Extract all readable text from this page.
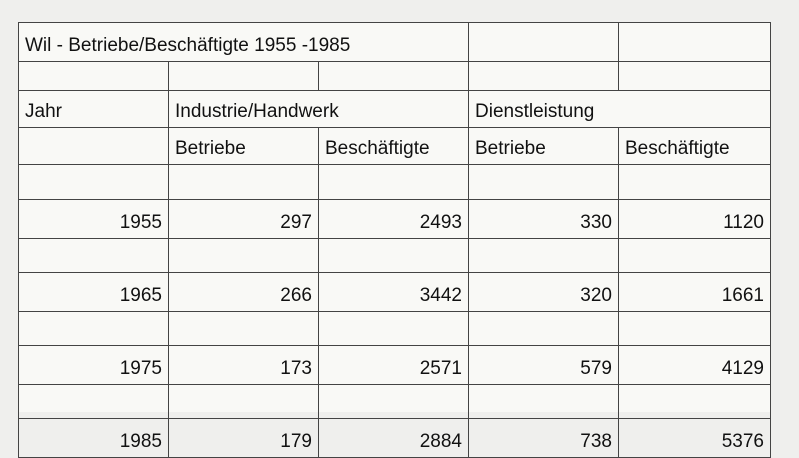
Wil - Betriebe/Beschäftigte 1955 -1985				

Jahr	Industrie/Handwerk		Dienstleistung	
	Betriebe	Beschäftigte	Betriebe	Beschäftigte

1955	297	2493	330	1120

1965	266	3442	320	1661

1975	173	2571	579	4129

1985	179	2884	738	5376
